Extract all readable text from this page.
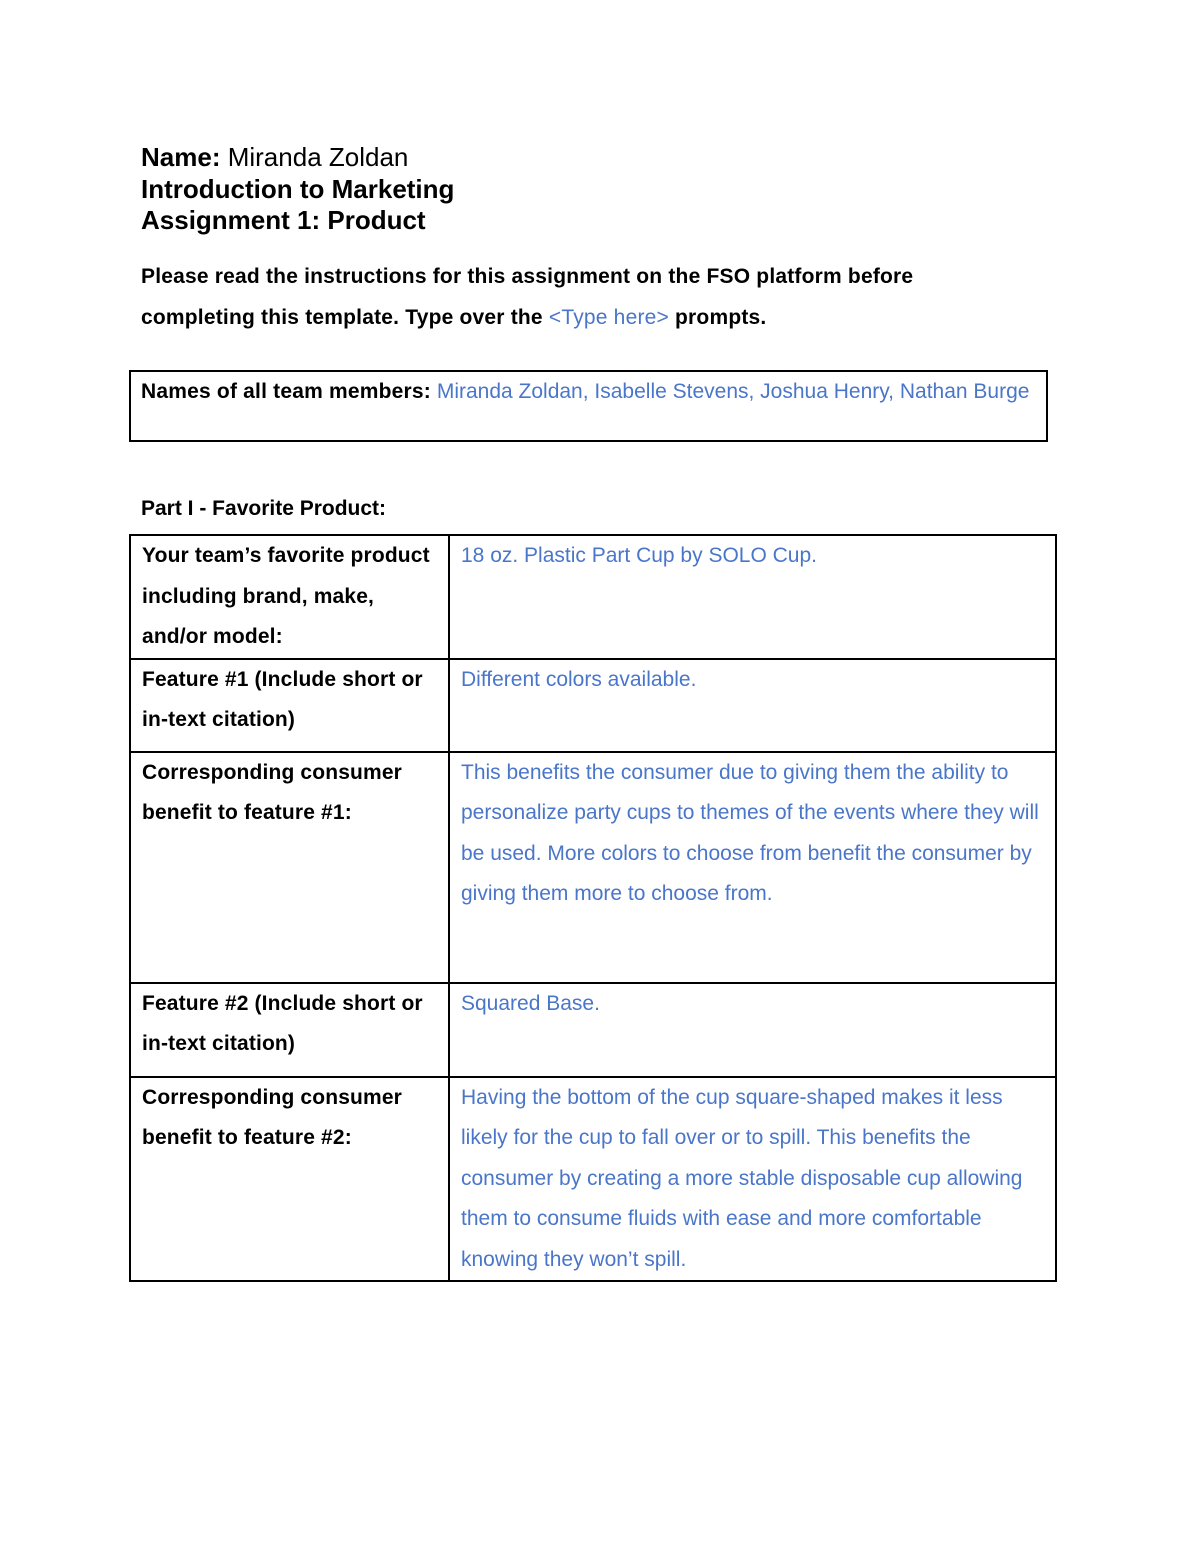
Name: Miranda Zoldan
Introduction to Marketing
Assignment 1: Product
Please read the instructions for this assignment on the FSO platform before
completing this template. Type over the <Type here> prompts.
Names of all team members: Miranda Zoldan, Isabelle Stevens, Joshua Henry, Nathan Burge
Part I - Favorite Product:
Your team’s favorite product including brand, make, and/or model:	18 oz. Plastic Part Cup by SOLO Cup.
Feature #1 (Include short or in-text citation)	Different colors available.
Corresponding consumer benefit to feature #1:	This benefits the consumer due to giving them the ability to personalize party cups to themes of the events where they will be used. More colors to choose from benefit the consumer by giving them more to choose from.
Feature #2 (Include short or in-text citation)	Squared Base.
Corresponding consumer benefit to feature #2:	Having the bottom of the cup square-shaped makes it less likely for the cup to fall over or to spill. This benefits the consumer by creating a more stable disposable cup allowing them to consume fluids with ease and more comfortable knowing they won’t spill.
